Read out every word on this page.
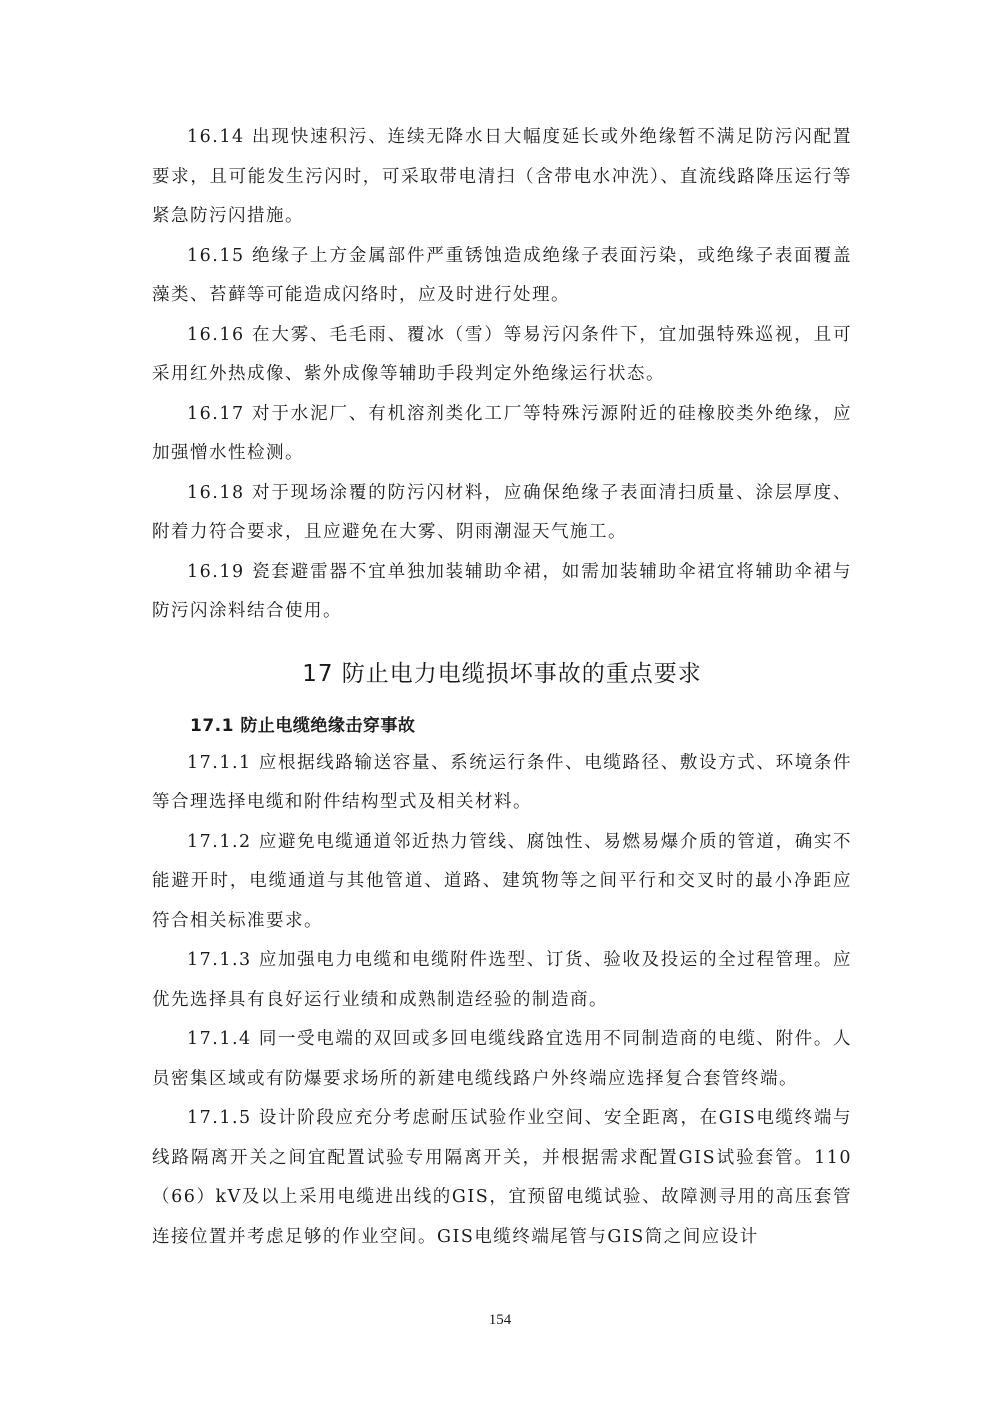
16.14 出现快速积污、连续无降水日大幅度延长或外绝缘暂不满足防污闪配置要求，且可能发生污闪时，可采取带电清扫（含带电水冲洗）、直流线路降压运行等紧急防污闪措施。

16.15 绝缘子上方金属部件严重锈蚀造成绝缘子表面污染，或绝缘子表面覆盖藻类、苔藓等可能造成闪络时，应及时进行处理。

16.16 在大雾、毛毛雨、覆冰（雪）等易污闪条件下，宜加强特殊巡视，且可采用红外热成像、紫外成像等辅助手段判定外绝缘运行状态。

16.17 对于水泥厂、有机溶剂类化工厂等特殊污源附近的硅橡胶类外绝缘，应加强憎水性检测。

16.18 对于现场涂覆的防污闪材料，应确保绝缘子表面清扫质量、涂层厚度、附着力符合要求，且应避免在大雾、阴雨潮湿天气施工。

16.19 瓷套避雷器不宜单独加装辅助伞裙，如需加装辅助伞裙宜将辅助伞裙与防污闪涂料结合使用。

17 防止电力电缆损坏事故的重点要求
17.1 防止电缆绝缘击穿事故

17.1.1 应根据线路输送容量、系统运行条件、电缆路径、敷设方式、环境条件等合理选择电缆和附件结构型式及相关材料。

17.1.2 应避免电缆通道邻近热力管线、腐蚀性、易燃易爆介质的管道，确实不能避开时，电缆通道与其他管道、道路、建筑物等之间平行和交叉时的最小净距应符合相关标准要求。

17.1.3 应加强电力电缆和电缆附件选型、订货、验收及投运的全过程管理。应优先选择具有良好运行业绩和成熟制造经验的制造商。

17.1.4 同一受电端的双回或多回电缆线路宜选用不同制造商的电缆、附件。人员密集区域或有防爆要求场所的新建电缆线路户外终端应选择复合套管终端。

17.1.5 设计阶段应充分考虑耐压试验作业空间、安全距离，在GIS电缆终端与线路隔离开关之间宜配置试验专用隔离开关，并根据需求配置GIS试验套管。110（66）kV及以上采用电缆进出线的GIS，宜预留电缆试验、故障测寻用的高压套管连接位置并考虑足够的作业空间。GIS电缆终端尾管与GIS筒之间应设计

154
